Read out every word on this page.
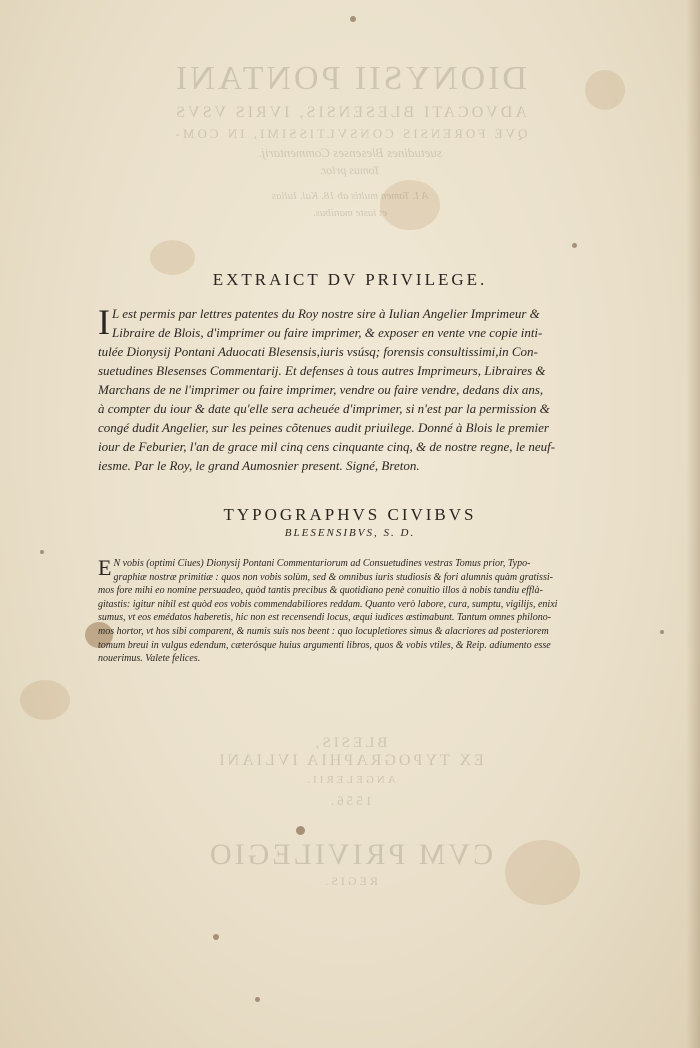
DIONYSII PONTANI
ADVOCATI BLESENSIS, IVRIS VSVS
QVE FORENSIS CONSVLTISSIMI, IN COM-
suetudines Blesenses Commentarij.
Tomus prior.
A I. Tamen multis ab 18. Kal. Iulias
et iuste manibus.
BLESIS,
EX TYPOGRAPHIA IVLIANI
ANGELERII.
1556.
CVM PRIVILEGIO
REGIS.
EXTRAICT DV PRIVILEGE.
I L est permis par lettres patentes du Roy nostre sire à Iulian Angelier Imprimeur &
Libraire de Blois, d'imprimer ou faire imprimer, & exposer en vente vne copie inti-
tulée Dionysij Pontani Aduocati Blesensis,iuris vsúsq; forensis consultissimi,in Con-
suetudines Blesenses Commentarij. Et defenses à tous autres Imprimeurs, Libraires &
Marchans de ne l'imprimer ou faire imprimer, vendre ou faire vendre, dedans dix ans,
à compter du iour & date qu'elle sera acheuée d'imprimer, si n'est par la permission &
congé dudit Angelier, sur les peines cõtenues audit priuilege. Donné à Blois le premier
iour de Feburier, l'an de grace mil cinq cens cinquante cinq, & de nostre regne, le neuf-
iesme. Par le Roy, le grand Aumosnier present. Signé, Breton.
TYPOGRAPHVS CIVIBVS
BLESENSIBVS, S. D.
E N vobis (optimi Ciues) Dionysij Pontani Commentariorum ad Consuetudines vestras Tomus prior, Typo-
graphiæ nostræ primitiæ : quos non vobis solùm, sed & omnibus iuris studiosis & fori alumnis quàm gratissi-
mos fore mihi eo nomine persuadeo, quòd tantis precibus & quotidiano penè conuitio illos à nobis tandiu efflà-
gitastis: igitur nihil est quòd eos vobis commendabiliores reddam. Quanto verò labore, cura, sumptu, vigilijs, enixi
sumus, vt eos emédatos haberetis, hic non est recensendi locus, æqui iudices æstimabunt. Tantum omnes philono-
mos hortor, vt hos sibi comparent, & numis suis nos beent : quo locupletiores simus & alacriores ad posteriorem
tomum breui in vulgus edendum, cæterósque huius argumenti libros, quos & vobis vtiles, & Reip. adiumento esse
nouerimus. Valete felices.
